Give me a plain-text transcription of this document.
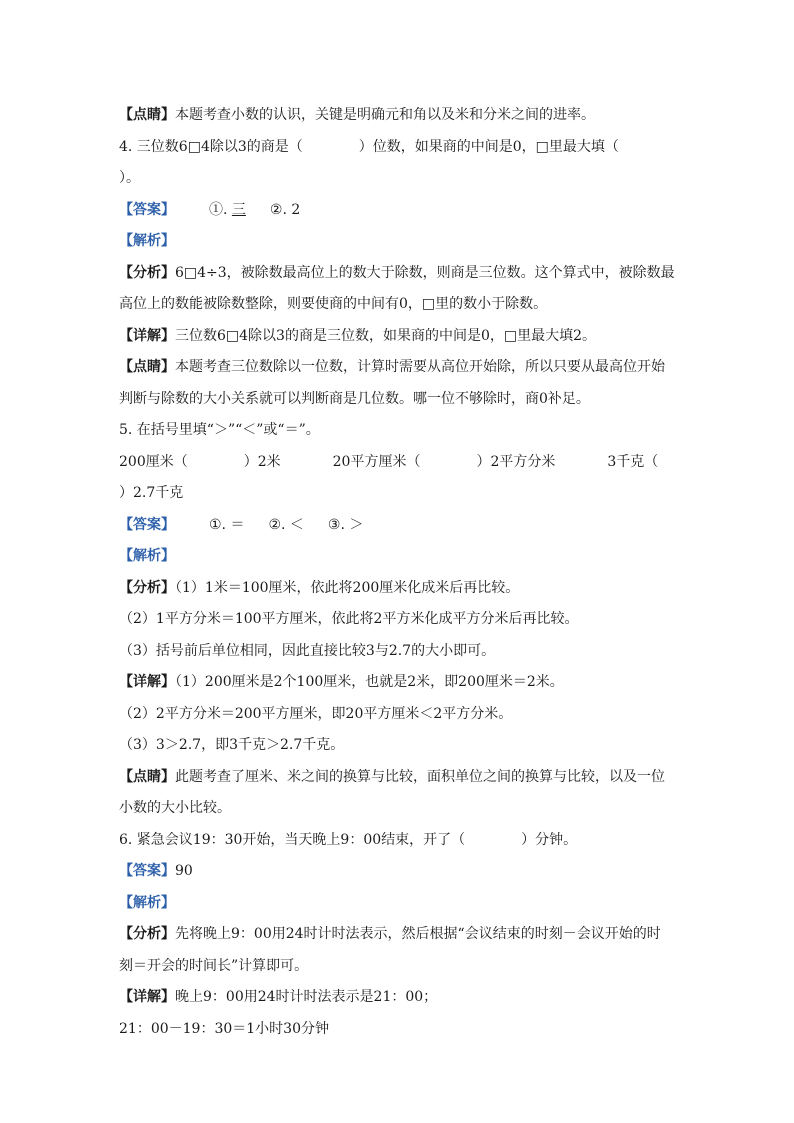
【点睛】本题考查小数的认识，关键是明确元和角以及米和分米之间的进率。
4. 三位数6□4除以3的商是（　　　　）位数，如果商的中间是0，□里最大填（
）。
【答案】 ①. 三 ②. 2
【解析】
【分析】6□4÷3，被除数最高位上的数大于除数，则商是三位数。这个算式中，被除数最
高位上的数能被除数整除，则要使商的中间有0，□里的数小于除数。
【详解】三位数6□4除以3的商是三位数，如果商的中间是0，□里最大填2。
【点睛】本题考查三位数除以一位数，计算时需要从高位开始除，所以只要从最高位开始
判断与除数的大小关系就可以判断商是几位数。哪一位不够除时，商0补足。
5. 在括号里填“＞”“＜”或“＝”。
200厘米（　　　　）2米	20平方厘米（　　　　）2平方分米	3千克（
）2.7千克
【答案】 ①. ＝ ②. ＜ ③. ＞
【解析】
【分析】（1）1米＝100厘米，依此将200厘米化成米后再比较。
（2）1平方分米＝100平方厘米，依此将2平方米化成平方分米后再比较。
（3）括号前后单位相同，因此直接比较3与2.7的大小即可。
【详解】（1）200厘米是2个100厘米，也就是2米，即200厘米＝2米。
（2）2平方分米＝200平方厘米，即20平方厘米＜2平方分米。
（3）3＞2.7，即3千克＞2.7千克。
【点睛】此题考查了厘米、米之间的换算与比较，面积单位之间的换算与比较，以及一位
小数的大小比较。
6. 紧急会议19：30开始，当天晚上9：00结束，开了（　　　　）分钟。
【答案】90
【解析】
【分析】先将晚上9：00用24时计时法表示，然后根据“会议结束的时刻－会议开始的时
刻＝开会的时间长”计算即可。
【详解】晚上9：00用24时计时法表示是21：00；
21：00－19：30＝1小时30分钟
